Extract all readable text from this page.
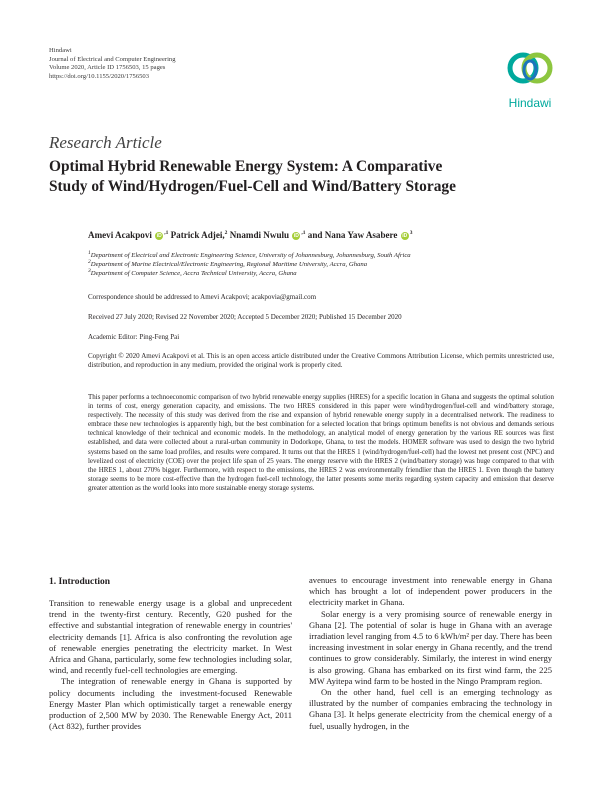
Hindawi
Journal of Electrical and Computer Engineering
Volume 2020, Article ID 1756503, 15 pages
https://doi.org/10.1155/2020/1756503
Hindawi
Research Article
Optimal Hybrid Renewable Energy System: A Comparative
Study of Wind/Hydrogen/Fuel-Cell and Wind/Battery Storage
Amevi Acakpovi $iD^{,1}$ Patrick Adjei,$^2$ Nnamdi Nwulu $iD^{,1}$ and Nana Yaw Asabere $iD^3$
$^1$Department of Electrical and Electronic Engineering Science, University of Johannesburg, Johannesburg, South Africa
$^2$Department of Marine Electrical/Electronic Engineering, Regional Maritime University, Accra, Ghana
$^3$Department of Computer Science, Accra Technical University, Accra, Ghana
Correspondence should be addressed to Amevi Acakpovi; acakpovia@gmail.com
Received 27 July 2020; Revised 22 November 2020; Accepted 5 December 2020; Published 15 December 2020
Academic Editor: Ping-Feng Pai
Copyright © 2020 Amevi Acakpovi et al. This is an open access article distributed under the Creative Commons Attribution License, which permits unrestricted use, distribution, and reproduction in any medium, provided the original work is properly cited.
This paper performs a technoeconomic comparison of two hybrid renewable energy supplies (HRES) for a specific location in Ghana and suggests the optimal solution in terms of cost, energy generation capacity, and emissions. The two HRES considered in this paper were wind/hydrogen/fuel-cell and wind/battery storage, respectively. The necessity of this study was derived from the rise and expansion of hybrid renewable energy supply in a decentralised network. The readiness to embrace these new technologies is apparently high, but the best combination for a selected location that brings optimum benefits is not obvious and demands serious technical knowledge of their technical and economic models. In the methodology, an analytical model of energy generation by the various RE sources was first established, and data were collected about a rural-urban community in Dodorkope, Ghana, to test the models. HOMER software was used to design the two hybrid systems based on the same load profiles, and results were compared. It turns out that the HRES 1 (wind/hydrogen/fuel-cell) had the lowest net present cost (NPC) and levelized cost of electricity (COE) over the project life span of 25 years. The energy reserve with the HRES 2 (wind/battery storage) was huge compared to that with the HRES 1, about 270% bigger. Furthermore, with respect to the emissions, the HRES 2 was environmentally friendlier than the HRES 1. Even though the battery storage seems to be more cost-effective than the hydrogen fuel-cell technology, the latter presents some merits regarding system capacity and emission that deserve greater attention as the world looks into more sustainable energy storage systems.
1. Introduction

Transition to renewable energy usage is a global and unprecedent trend in the twenty-first century. Recently, G20 pushed for the effective and substantial integration of renewable energy in countries' electricity demands [1]. Africa is also confronting the revolution age of renewable energies penetrating the electricity market. In West Africa and Ghana, particularly, some few technologies including solar, wind, and recently fuel-cell technologies are emerging.

The integration of renewable energy in Ghana is supported by policy documents including the investment-focused Renewable Energy Master Plan which optimistically target a renewable energy production of 2,500 MW by 2030. The Renewable Energy Act, 2011 (Act 832), further provides

avenues to encourage investment into renewable energy in Ghana which has brought a lot of independent power producers in the electricity market in Ghana.

Solar energy is a very promising source of renewable energy in Ghana [2]. The potential of solar is huge in Ghana with an average irradiation level ranging from 4.5 to 6 kWh/m² per day. There has been increasing investment in solar energy in Ghana recently, and the trend continues to grow considerably. Similarly, the interest in wind energy is also growing. Ghana has embarked on its first wind farm, the 225 MW Ayitepa wind farm to be hosted in the Ningo Prampram region.

On the other hand, fuel cell is an emerging technology as illustrated by the number of companies embracing the technology in Ghana [3]. It helps generate electricity from the chemical energy of a fuel, usually hydrogen, in the
